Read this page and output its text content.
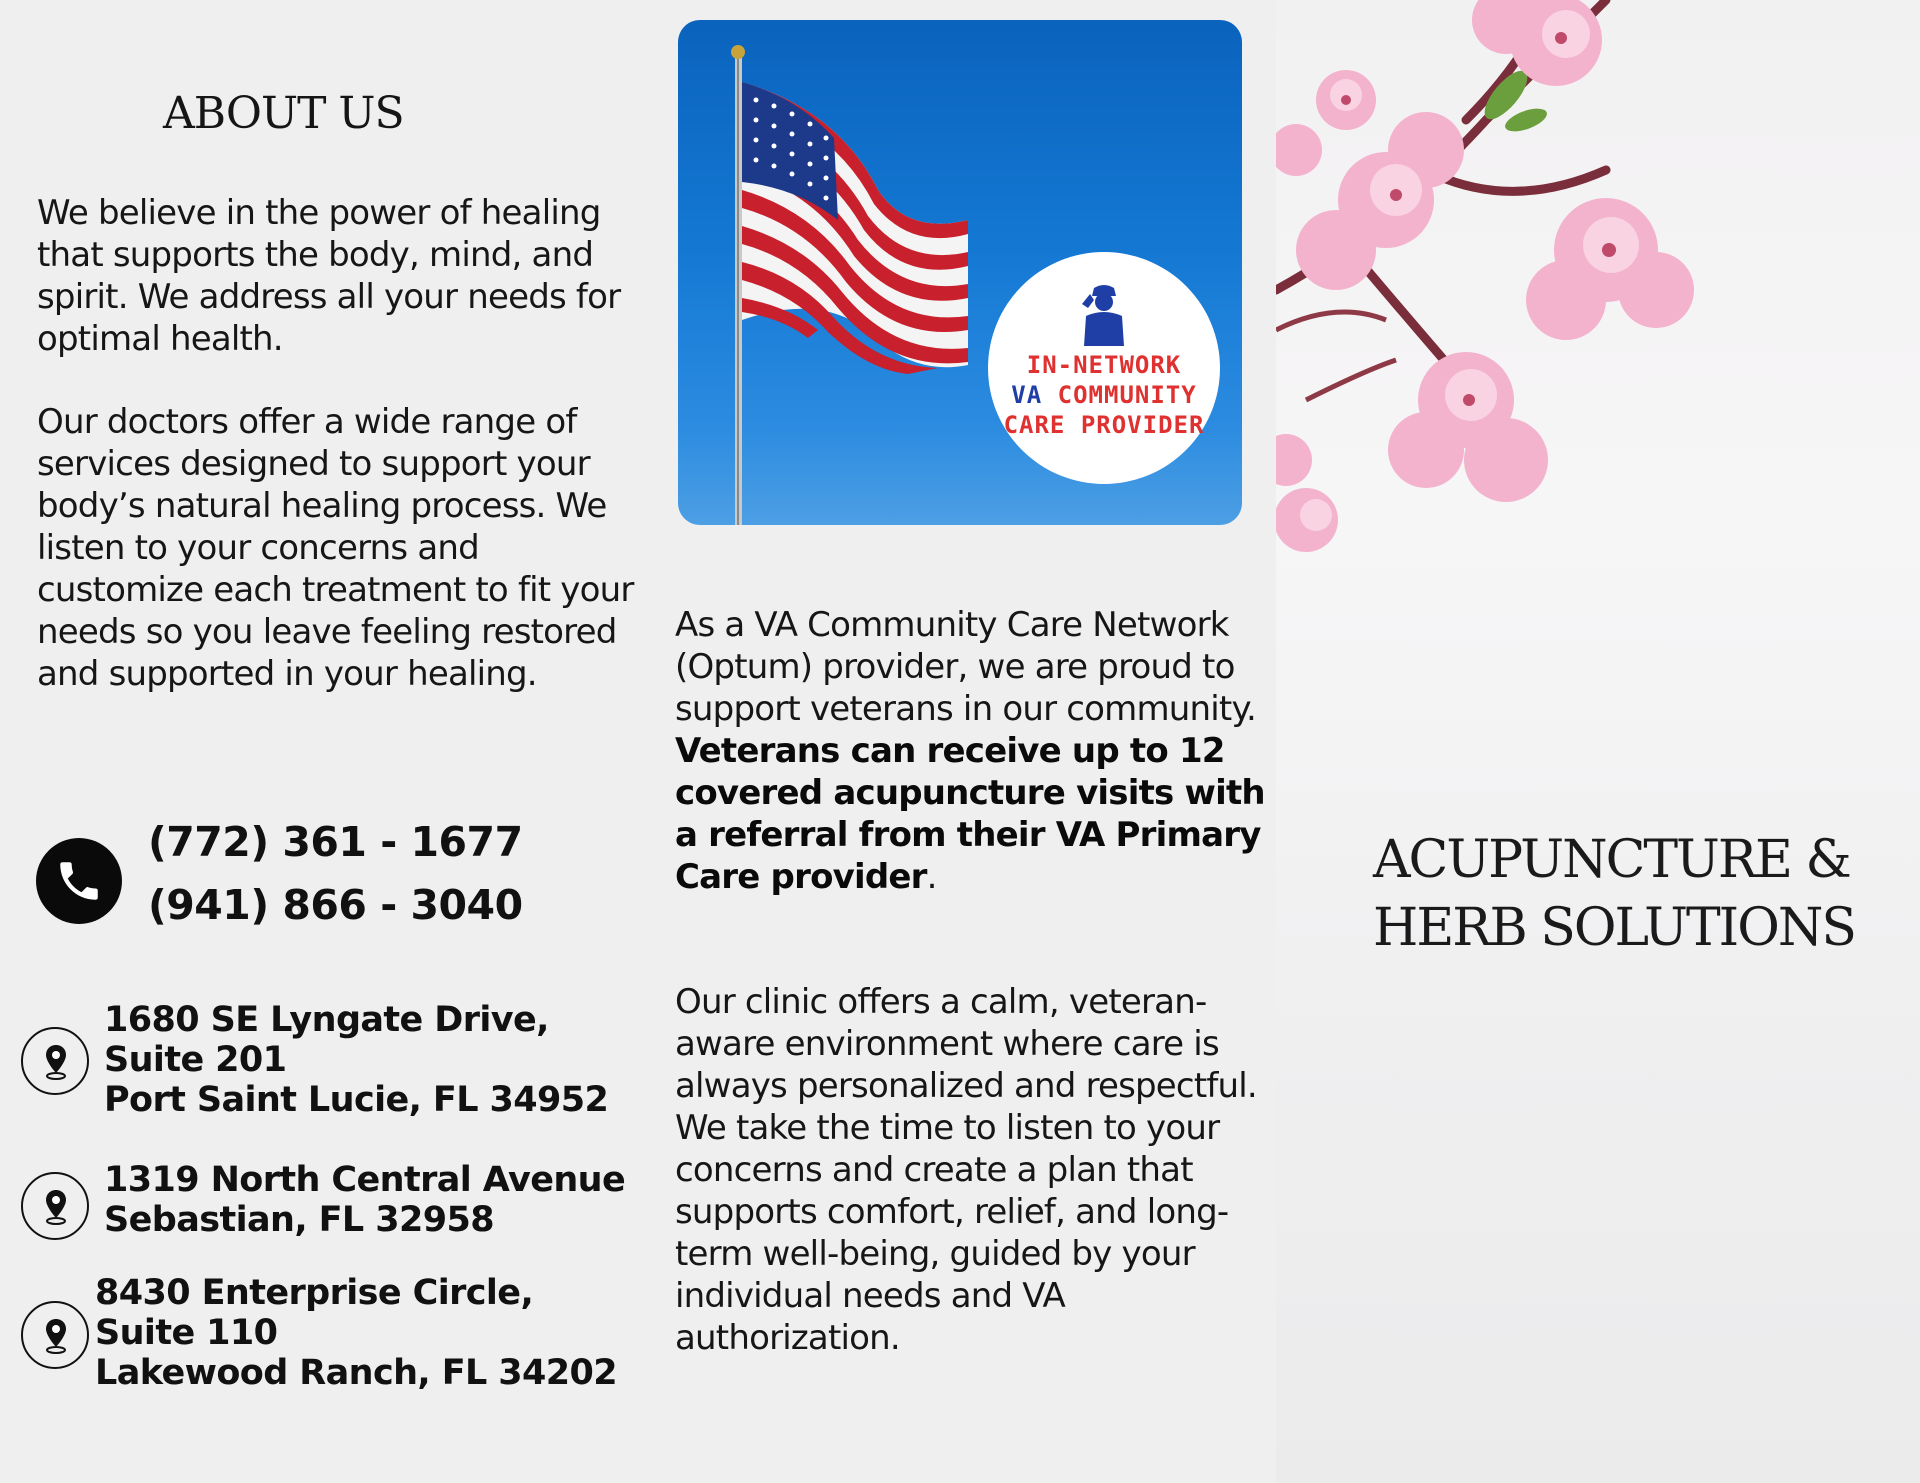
ABOUT US

We believe in the power of healing that supports the body, mind, and spirit. We address all your needs for optimal health.

Our doctors offer a wide range of services designed to support your body’s natural healing process. We listen to your concerns and customize each treatment to fit your needs so you leave feeling restored and supported in your healing.

(772) 361 - 1677

(941) 866 - 3040

1680 SE Lyngate Drive,
Suite 201
Port Saint Lucie, FL 34952

1319 North Central Avenue
Sebastian, FL 32958

8430 Enterprise Circle,
Suite 110
Lakewood Ranch, FL 34202

IN-NETWORK
VA COMMUNITY
CARE PROVIDER

As a VA Community Care Network (Optum) provider, we are proud to support veterans in our community. Veterans can receive up to 12 covered acupuncture visits with a referral from their VA Primary Care provider.

Our clinic offers a calm, veteran-aware environment where care is always personalized and respectful. We take the time to listen to your concerns and create a plan that supports comfort, relief, and long-term well-being, guided by your individual needs and VA authorization.

ACUPUNCTURE &
HERB SOLUTIONS
